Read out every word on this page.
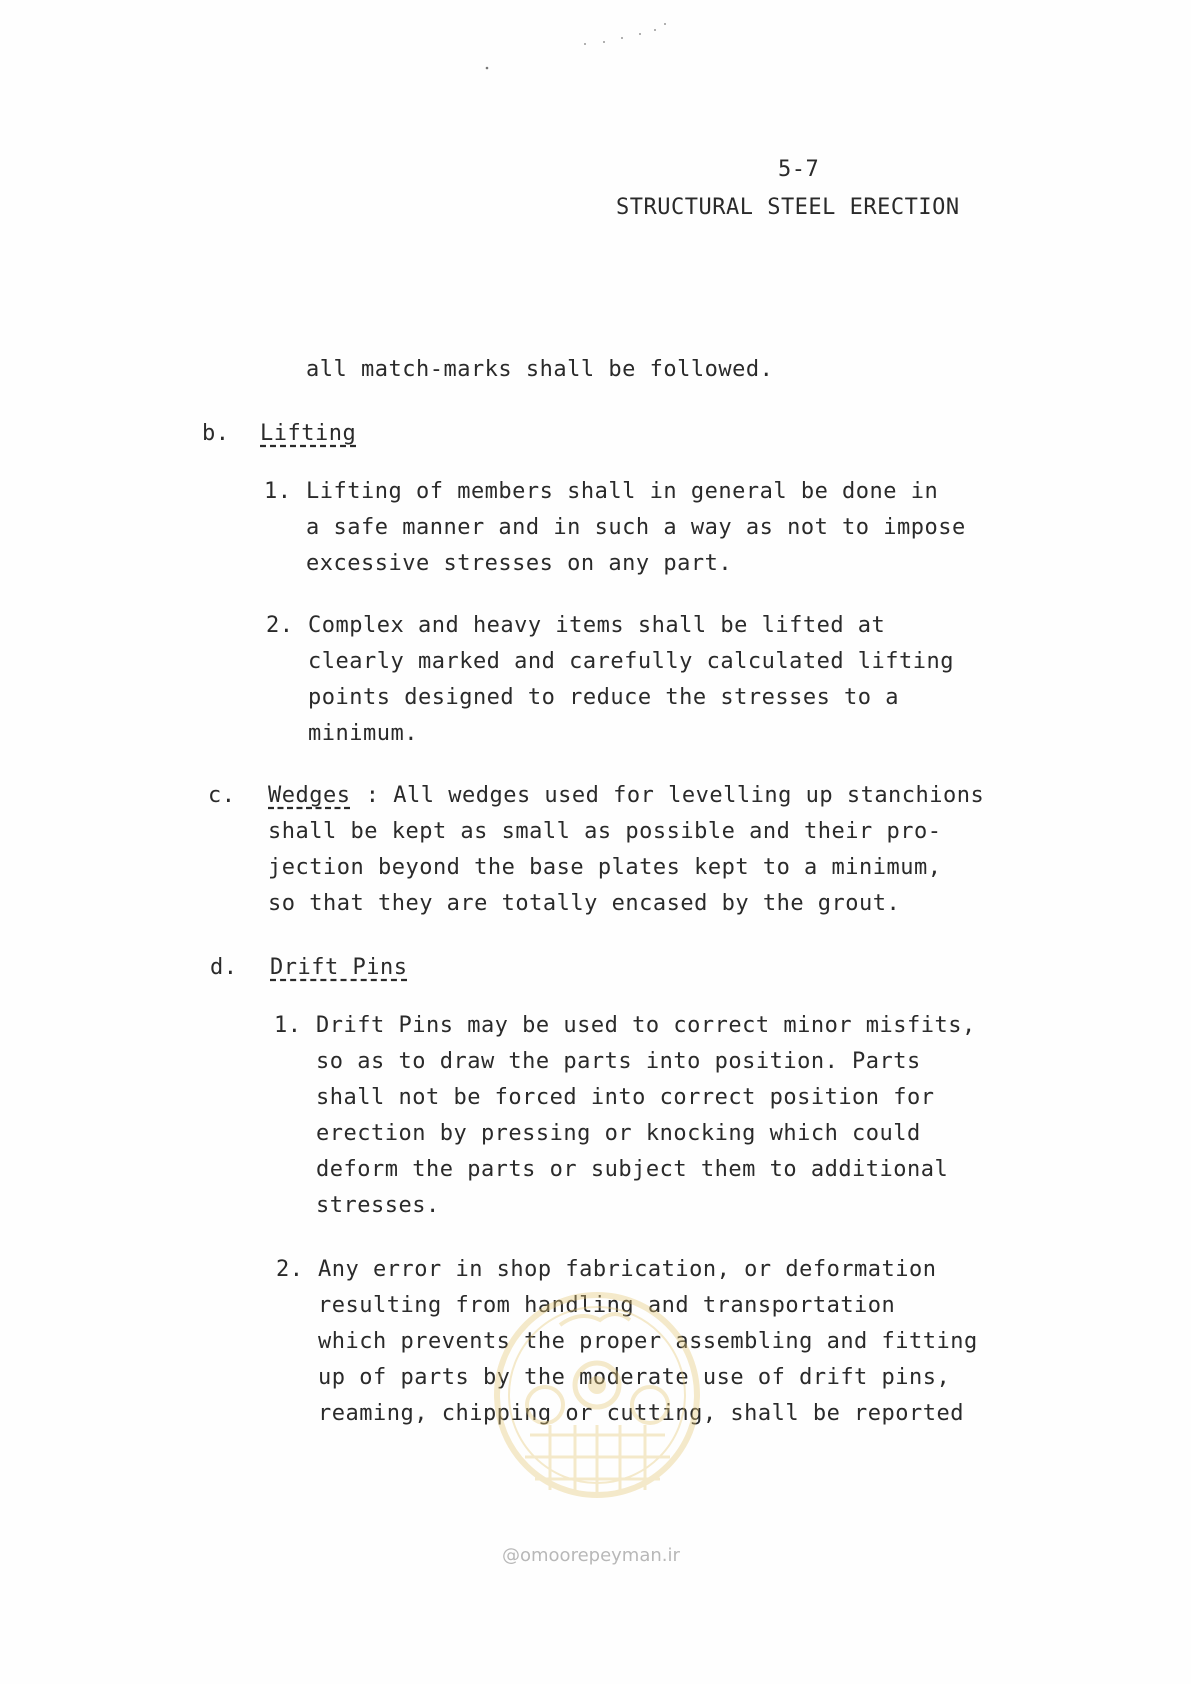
5-7
STRUCTURAL STEEL ERECTION
all match-marks shall be followed.
b. Lifting
1. Lifting of members shall in general be done in
a safe manner and in such a way as not to impose
excessive stresses on any part.
2. Complex and heavy items shall be lifted at
clearly marked and carefully calculated lifting
points designed to reduce the stresses to a
minimum.
c. Wedges : All wedges used for levelling up stanchions
shall be kept as small as possible and their pro-
jection beyond the base plates kept to a minimum,
so that they are totally encased by the grout.
d. Drift Pins
1. Drift Pins may be used to correct minor misfits,
so as to draw the parts into position. Parts
shall not be forced into correct position for
erection by pressing or knocking which could
deform the parts or subject them to additional
stresses.
2. Any error in shop fabrication, or deformation
resulting from handling and transportation
which prevents the proper assembling and fitting
up of parts by the moderate use of drift pins,
reaming, chipping or cutting, shall be reported
@omoorepeyman.ir
